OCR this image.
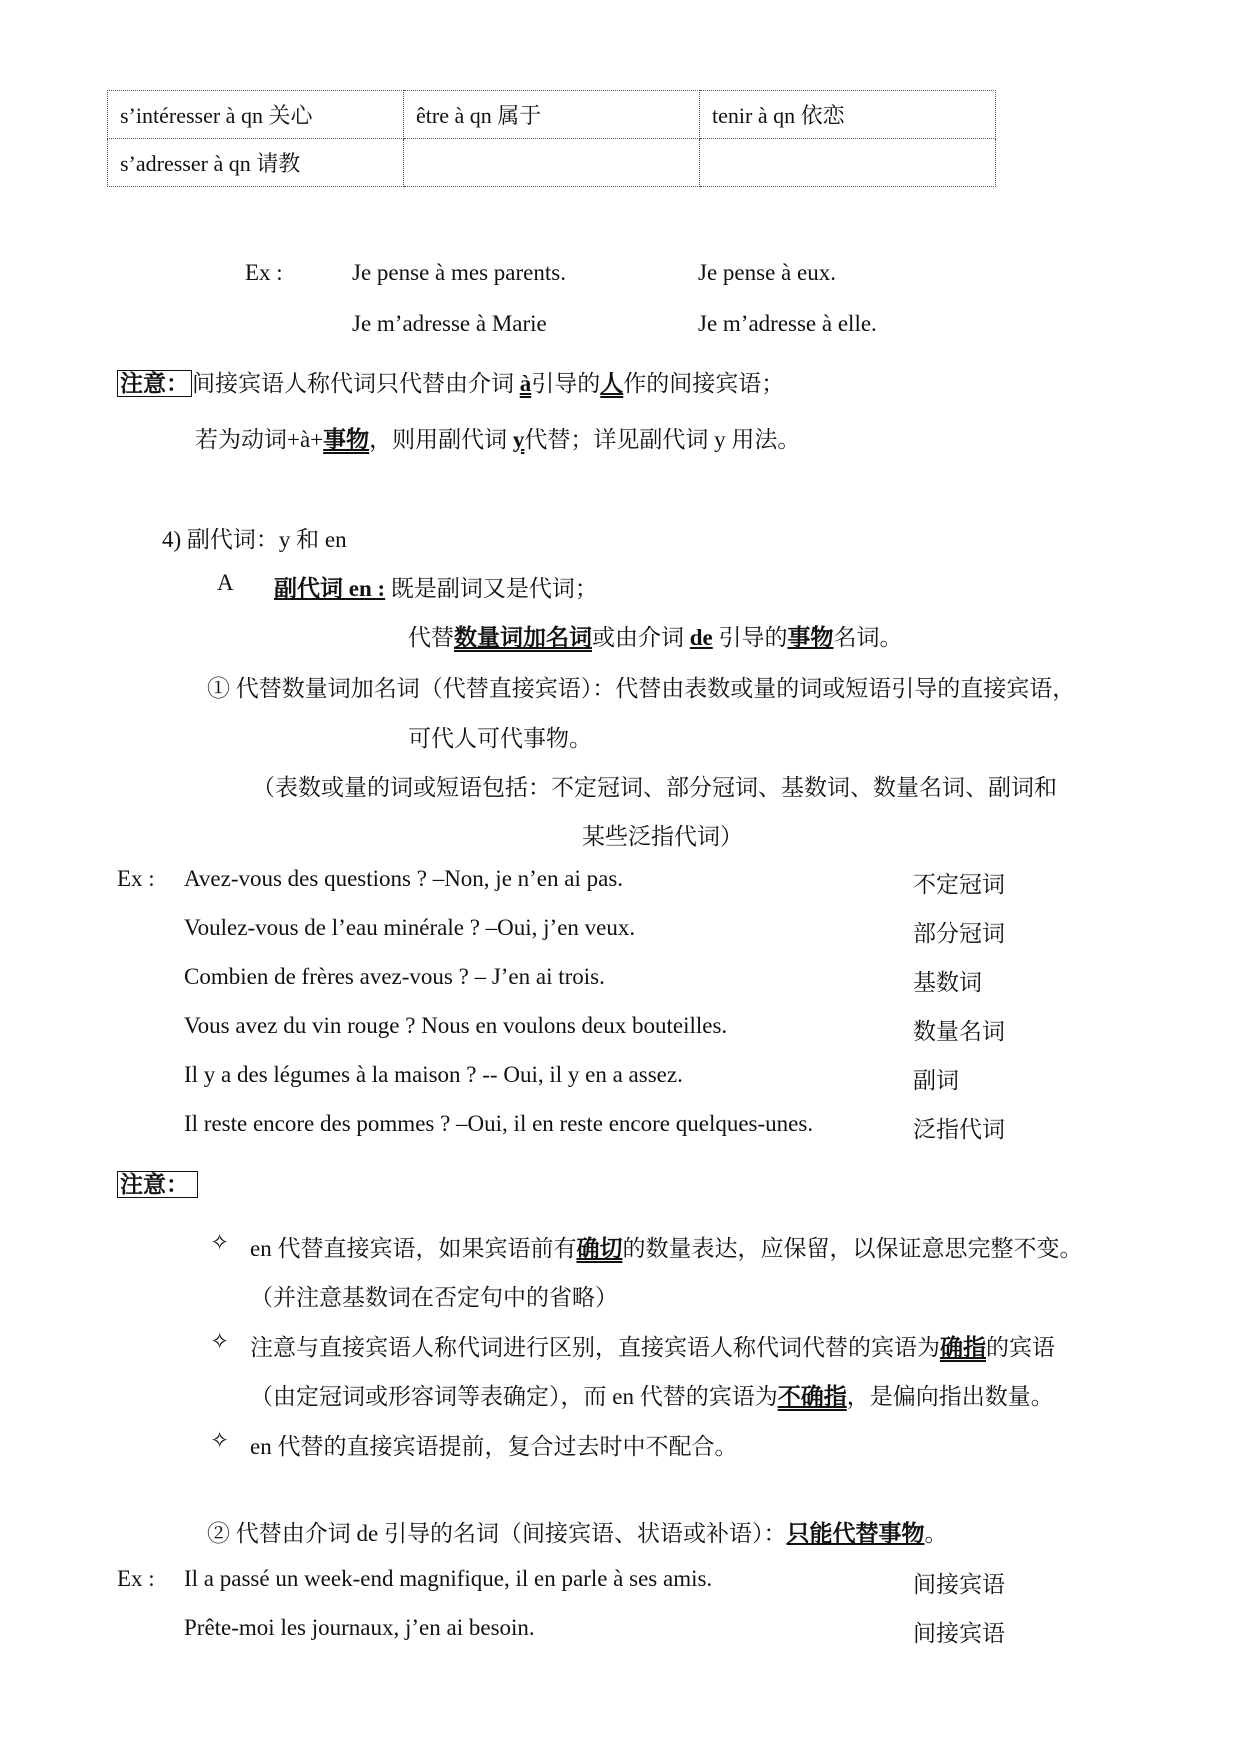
s’intéresser à qn 关心	être à qn 属于	tenir à qn 依恋
s’adresser à qn 请教		
Ex :	Je pense à mes parents.	Je pense à eux.
Je m’adresse à Marie	Je m’adresse à elle.
注意： 间接宾语人称代词只代替由介词 à引导的人作的间接宾语；
若为动词+à+事物，则用副代词 y代替；详见副代词 y 用法。
4) 副代词：y 和 en
A 副代词 en : 既是副词又是代词；
代替数量词加名词或由介词 de 引导的事物名词。
① 代替数量词加名词（代替直接宾语）：代替由表数或量的词或短语引导的直接宾语，
可代人可代事物。
（表数或量的词或短语包括：不定冠词、部分冠词、基数词、数量名词、副词和
某些泛指代词）
Ex : Avez-vous des questions ? –Non, je n’en ai pas.	不定冠词
Voulez-vous de l’eau minérale ? –Oui, j’en veux.	部分冠词
Combien de frères avez-vous ? – J’en ai trois.	基数词
Vous avez du vin rouge ? Nous en voulons deux bouteilles.	数量名词
Il y a des légumes à la maison ? -- Oui, il y en a assez.	副词
Il reste encore des pommes ? –Oui, il en reste encore quelques-unes.	泛指代词
注意：
✧ en 代替直接宾语，如果宾语前有确切的数量表达，应保留，以保证意思完整不变。
（并注意基数词在否定句中的省略）
✧ 注意与直接宾语人称代词进行区别，直接宾语人称代词代替的宾语为确指的宾语
（由定冠词或形容词等表确定），而 en 代替的宾语为不确指，是偏向指出数量。
✧ en 代替的直接宾语提前，复合过去时中不配合。
② 代替由介词 de 引导的名词（间接宾语、状语或补语）：只能代替事物。
Ex : Il a passé un week-end magnifique, il en parle à ses amis.	间接宾语
Prête-moi les journaux, j’en ai besoin.	间接宾语
